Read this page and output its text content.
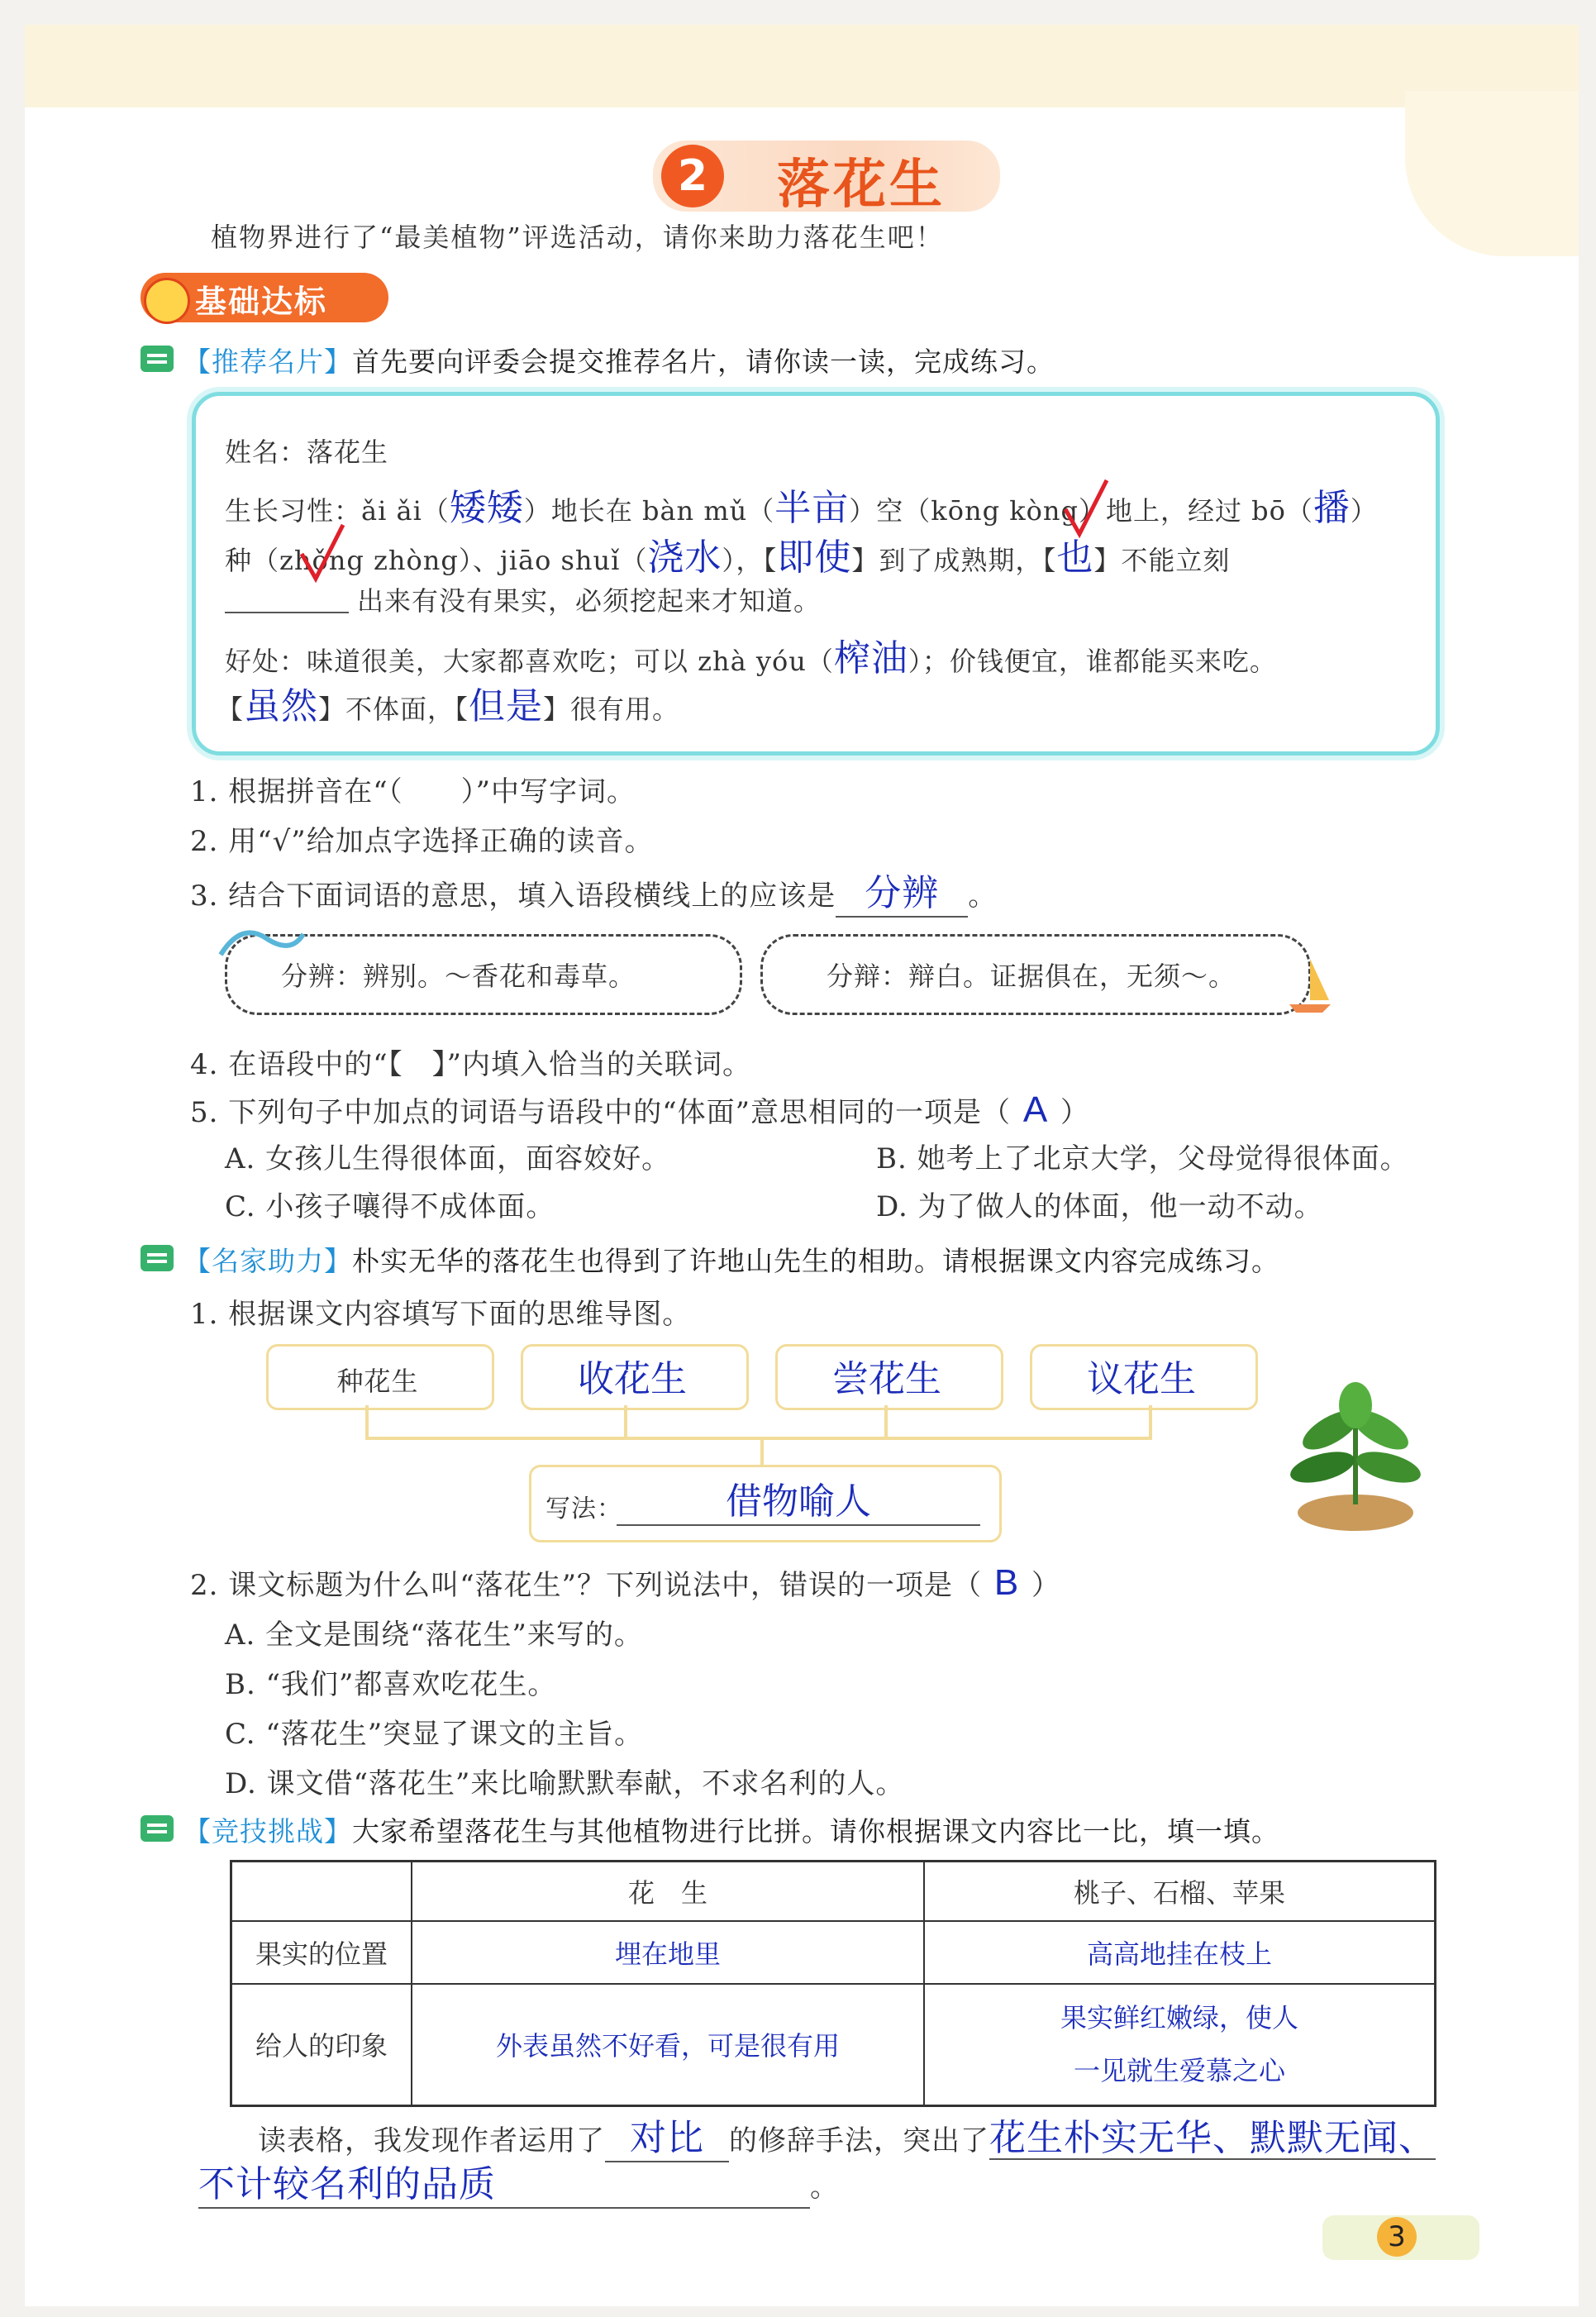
2	落花生
植物界进行了“最美植物”评选活动，请你来助力落花生吧！
基础达标
【推荐名片】首先要向评委会提交推荐名片，请你读一读，完成练习。
姓名：落花生
生长习性：ǎi ǎi（矮矮）地长在 bàn mǔ（半亩）空（kōng kòng）地上，经过 bō（播）
种（zhǒng zhòng）、jiāo shuǐ（浇水），【即使】到了成熟期，【也】不能立刻
出来有没有果实，必须挖起来才知道。
好处：味道很美，大家都喜欢吃；可以 zhà yóu（榨油）；价钱便宜，谁都能买来吃。
【虽然】不体面，【但是】很有用。
1. 根据拼音在“（　　）”中写字词。
2. 用“√”给加点字选择正确的读音。
3. 结合下面词语的意思，填入语段横线上的应该是 分辨 。
分辨：辨别。～香花和毒草。	分辩：辩白。证据俱在，无须～。
4. 在语段中的“【　】”内填入恰当的关联词。
5. 下列句子中加点的词语与语段中的“体面”意思相同的一项是（ A ）
A. 女孩儿生得很体面，面容姣好。	B. 她考上了北京大学，父母觉得很体面。
C. 小孩子嚷得不成体面。	D. 为了做人的体面，他一动不动。
【名家助力】朴实无华的落花生也得到了许地山先生的相助。请根据课文内容完成练习。
1. 根据课文内容填写下面的思维导图。
种花生	收花生	尝花生	议花生
写法：	借物喻人
2. 课文标题为什么叫“落花生”？下列说法中，错误的一项是（ B ）
A. 全文是围绕“落花生”来写的。
B. “我们”都喜欢吃花生。
C. “落花生”突显了课文的主旨。
D. 课文借“落花生”来比喻默默奉献，不求名利的人。
【竞技挑战】大家希望落花生与其他植物进行比拼。请你根据课文内容比一比，填一填。
	花　生	桃子、石榴、苹果
果实的位置	埋在地里	高高地挂在枝上
给人的印象	外表虽然不好看，可是很有用	果实鲜红嫩绿，使人
一见就生爱慕之心
读表格，我发现作者运用了 对比 的修辞手法，突出了花生朴实无华、默默无闻、
不计较名利的品质	。
3
